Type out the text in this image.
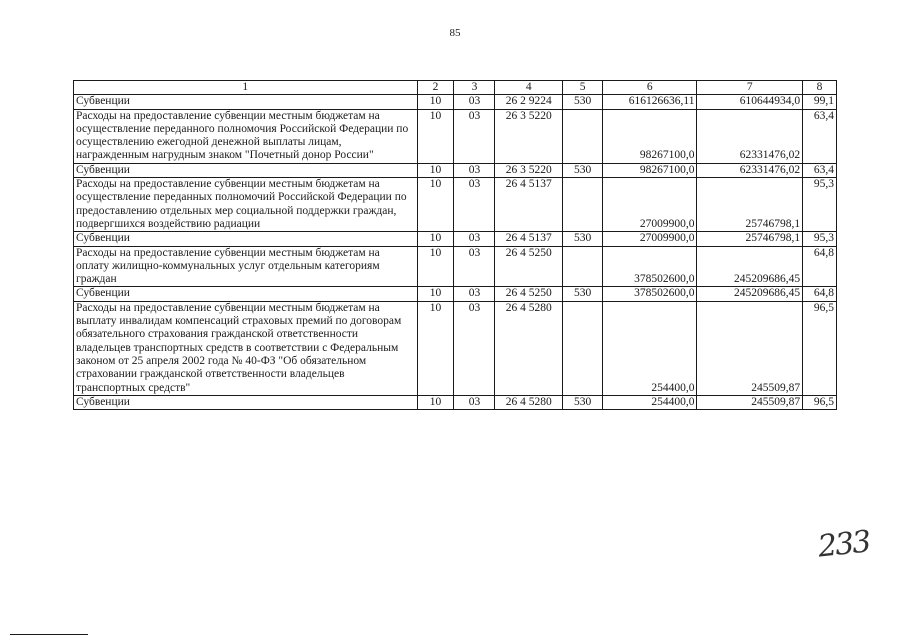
85
1	2	3	4	5	6	7	8
Субвенции	10	03	26 2 9224	530	616126636,11	610644934,0	99,1
Расходы на предоставление субвенции местным бюджетам на осуществление переданного полномочия Российской Федерации по осуществлению ежегодной денежной выплаты лицам, награжденным нагрудным знаком "Почетный донор России"	10	03	26 3 5220		98267100,0	62331476,02	63,4
Субвенции	10	03	26 3 5220	530	98267100,0	62331476,02	63,4
Расходы на предоставление субвенции местным бюджетам на осуществление переданных полномочий Российской Федерации по предоставлению отдельных мер социальной поддержки граждан, подвергшихся воздействию радиации	10	03	26 4 5137		27009900,0	25746798,1	95,3
Субвенции	10	03	26 4 5137	530	27009900,0	25746798,1	95,3
Расходы на предоставление субвенции местным бюджетам на оплату жилищно-коммунальных услуг отдельным категориям граждан	10	03	26 4 5250		378502600,0	245209686,45	64,8
Субвенции	10	03	26 4 5250	530	378502600,0	245209686,45	64,8
Расходы на предоставление субвенции местным бюджетам на выплату инвалидам компенсаций страховых премий по договорам обязательного страхования гражданской ответственности владельцев транспортных средств в соответствии с Федеральным законом от 25 апреля 2002 года № 40-ФЗ "Об обязательном страховании гражданской ответственности владельцев транспортных средств"	10	03	26 4 5280		254400,0	245509,87	96,5
Субвенции	10	03	26 4 5280	530	254400,0	245509,87	96,5
233
